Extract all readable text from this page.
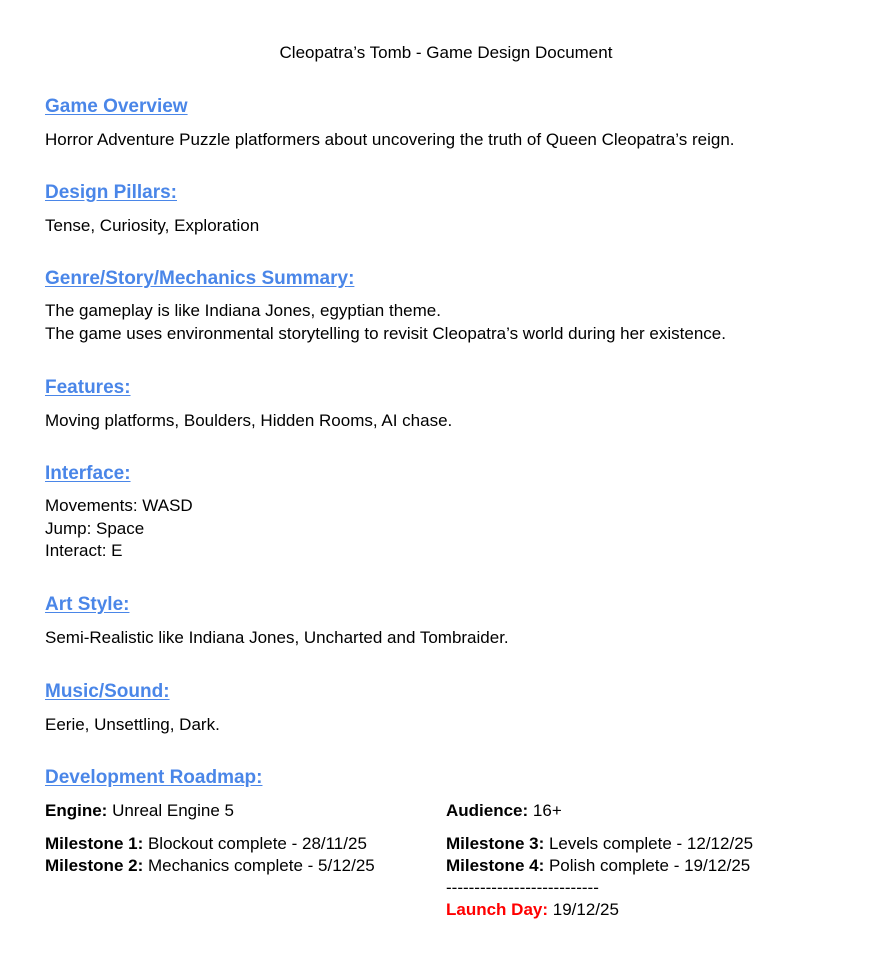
Cleopatra’s Tomb - Game Design Document
Game Overview
Horror Adventure Puzzle platformers about uncovering the truth of Queen Cleopatra’s reign.
Design Pillars:
Tense, Curiosity, Exploration
Genre/Story/Mechanics Summary:
The gameplay is like Indiana Jones, egyptian theme.
The game uses environmental storytelling to revisit Cleopatra’s world during her existence.
Features:
Moving platforms, Boulders, Hidden Rooms, AI chase.
Interface:
Movements: WASD
Jump: Space
Interact: E
Art Style:
Semi-Realistic like Indiana Jones, Uncharted and Tombraider.
Music/Sound:
Eerie, Unsettling, Dark.
Development Roadmap:
Engine: Unreal Engine 5
Milestone 1: Blockout complete - 28/11/25
Milestone 2: Mechanics complete - 5/12/25
Audience: 16+
Milestone 3: Levels complete - 12/12/25
Milestone 4: Polish complete - 19/12/25
---------------------------
Launch Day: 19/12/25
